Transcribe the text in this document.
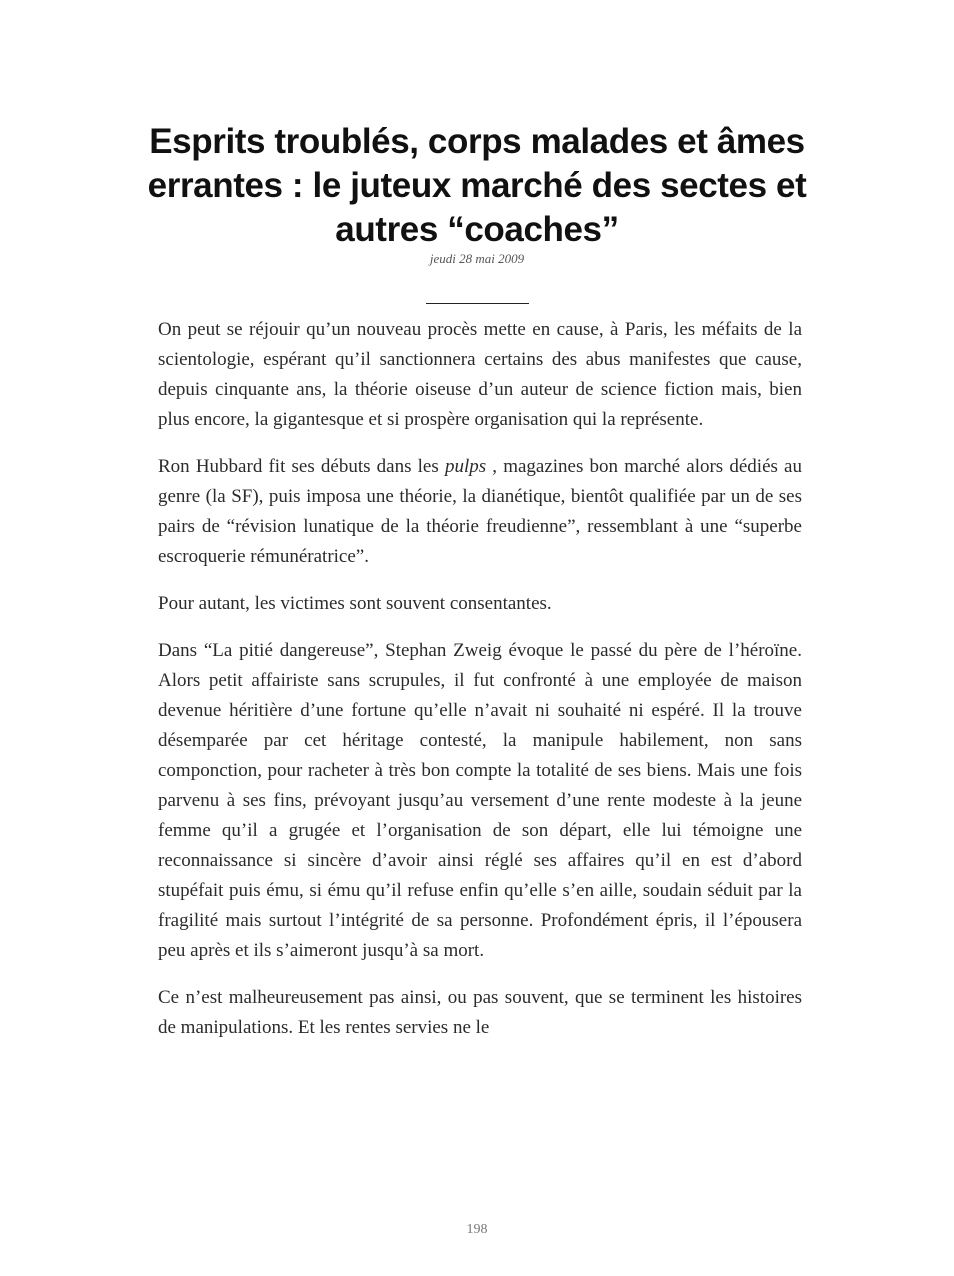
Esprits troublés, corps malades et âmes errantes : le juteux marché des sectes et autres “coaches”
jeudi 28 mai 2009

On peut se réjouir qu’un nouveau procès mette en cause, à Paris, les méfaits de la scientologie, espérant qu’il sanctionnera certains des abus manifestes que cause, depuis cinquante ans, la théorie oiseuse d’un auteur de science fiction mais, bien plus encore, la gigantesque et si prospère organisation qui la représente.

Ron Hubbard fit ses débuts dans les pulps , magazines bon marché alors dédiés au genre (la SF), puis imposa une théorie, la dianétique, bientôt qualifiée par un de ses pairs de “révision lunatique de la théorie freudienne”, ressemblant à une “superbe escroquerie rémunératrice”.

Pour autant, les victimes sont souvent consentantes.

Dans “La pitié dangereuse”, Stephan Zweig évoque le passé du père de l’héroïne. Alors petit affairiste sans scrupules, il fut confronté à une employée de maison devenue héritière d’une fortune qu’elle n’avait ni souhaité ni espéré. Il la trouve désemparée par cet héritage contesté, la manipule habilement, non sans componction, pour racheter à très bon compte la totalité de ses biens. Mais une fois parvenu à ses fins, prévoyant jusqu’au versement d’une rente modeste à la jeune femme qu’il a grugée et l’organisation de son départ, elle lui témoigne une reconnaissance si sincère d’avoir ainsi réglé ses affaires qu’il en est d’abord stupéfait puis ému, si ému qu’il refuse enfin qu’elle s’en aille, soudain séduit par la fragilité mais surtout l’intégrité de sa personne. Profondément épris, il l’épousera peu après et ils s’aimeront jusqu’à sa mort.

Ce n’est malheureusement pas ainsi, ou pas souvent, que se terminent les histoires de manipulations. Et les rentes servies ne le

198
